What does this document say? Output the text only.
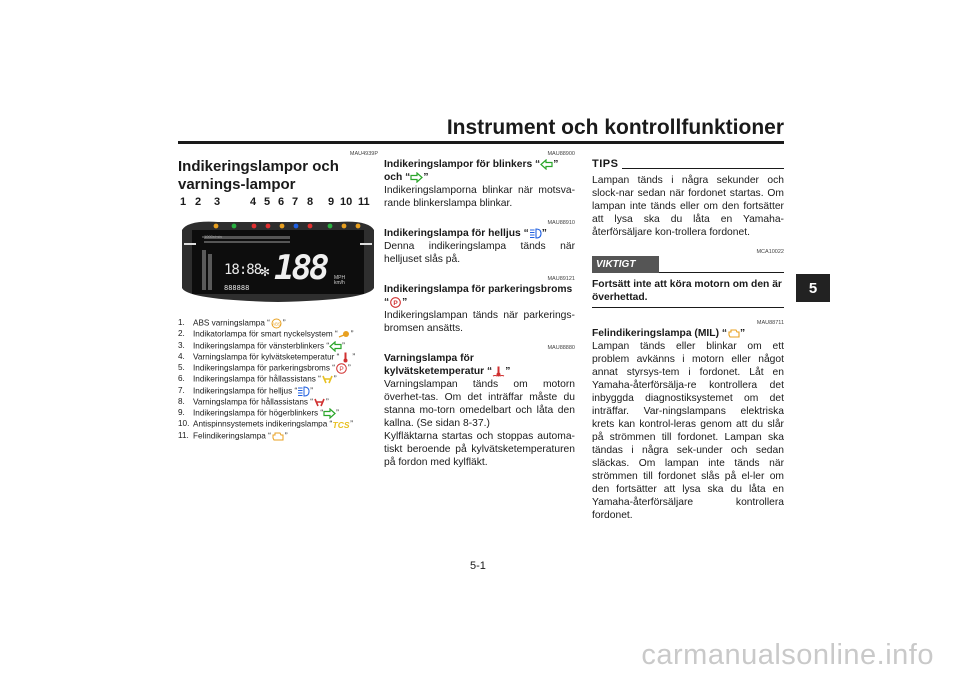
Instrument och kontrollfunktioner
5
MAU4939P
Indikeringslampor och varnings-lampor
1 2 3	4 5 6 7 8 9 10 11
x1000r/min
18:88
✻ 188 MPH km/h
888888
1. ABS varningslampa “ ABS ”
2. Indikatorlampa för smart nyckelsystem “ ”
3. Indikeringslampa för vänsterblinkers “ ”
4. Varningslampa för kylvätsketemperatur “ ”
5. Indikeringslampa för parkeringsbroms “ P ”
6. Indikeringslampa för hållassistans “ ”
7. Indikeringslampa för helljus “ ”
8. Varningslampa för hållassistans “ ”
9. Indikeringslampa för högerblinkers “ ”
10. Antispinnsystemets indikeringslampa “ TCS ”
11. Felindikeringslampa “ ”
MAU88900
Indikeringslampor för blinkers “ ” och “ ”
Indikeringslamporna blinkar när motsva-rande blinkerslampa blinkar.
MAU88910
Indikeringslampa för helljus “ ”
Denna indikeringslampa tänds när helljuset slås på.
MAU89121
Indikeringslampa för parkeringsbroms “ P ”
Indikeringslampan tänds när parkerings-bromsen ansätts.
MAU88880
Varningslampa för kylvätsketemperatur “ ”
Varningslampan tänds om motorn överhet-tas. Om det inträffar måste du stanna mo-torn omedelbart och låta den kallna. (Se sidan 8-37.)
Kylfläktarna startas och stoppas automa-tiskt beroende på kylvätsketemperaturen på fordon med kylfläkt.
TIPS
Lampan tänds i några sekunder och slock-nar sedan när fordonet startas. Om lampan inte tänds eller om den fortsätter att lysa ska du låta en Yamaha-återförsäljare kon-trollera fordonet.
MCA10022
VIKTIGT
Fortsätt inte att köra motorn om den är överhettad.
MAU88711
Felindikeringslampa (MIL) “ ”
Lampan tänds eller blinkar om ett problem avkänns i motorn eller något annat styrsys-tem i fordonet. Låt en Yamaha-återförsälja-re kontrollera det inbyggda diagnostiksystemet om det inträffar. Var-ningslampans elektriska krets kan kontrol-leras genom att du slår på strömmen till fordonet. Lampan ska tändas i några sek-under och sedan släckas. Om lampan inte tänds när strömmen till fordonet slås på el-ler om den fortsätter att lysa ska du låta en Yamaha-återförsäljare kontrollera fordonet.
5-1
carmanualsonline.info
